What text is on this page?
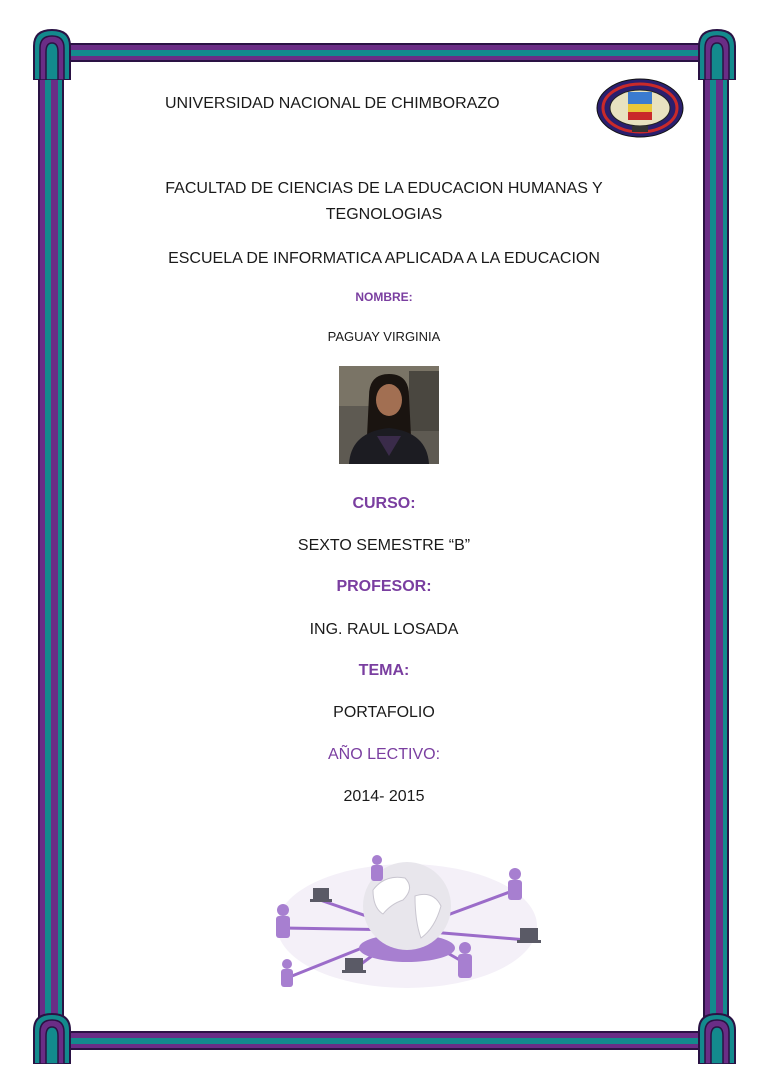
UNIVERSIDAD NACIONAL DE CHIMBORAZO
FACULTAD DE CIENCIAS DE LA EDUCACION HUMANAS Y
TEGNOLOGIAS
ESCUELA DE INFORMATICA APLICADA A LA EDUCACION
NOMBRE:
PAGUAY VIRGINIA
CURSO:
SEXTO SEMESTRE “B”
PROFESOR:
ING. RAUL LOSADA
TEMA:
PORTAFOLIO
AÑO LECTIVO:
2014- 2015
